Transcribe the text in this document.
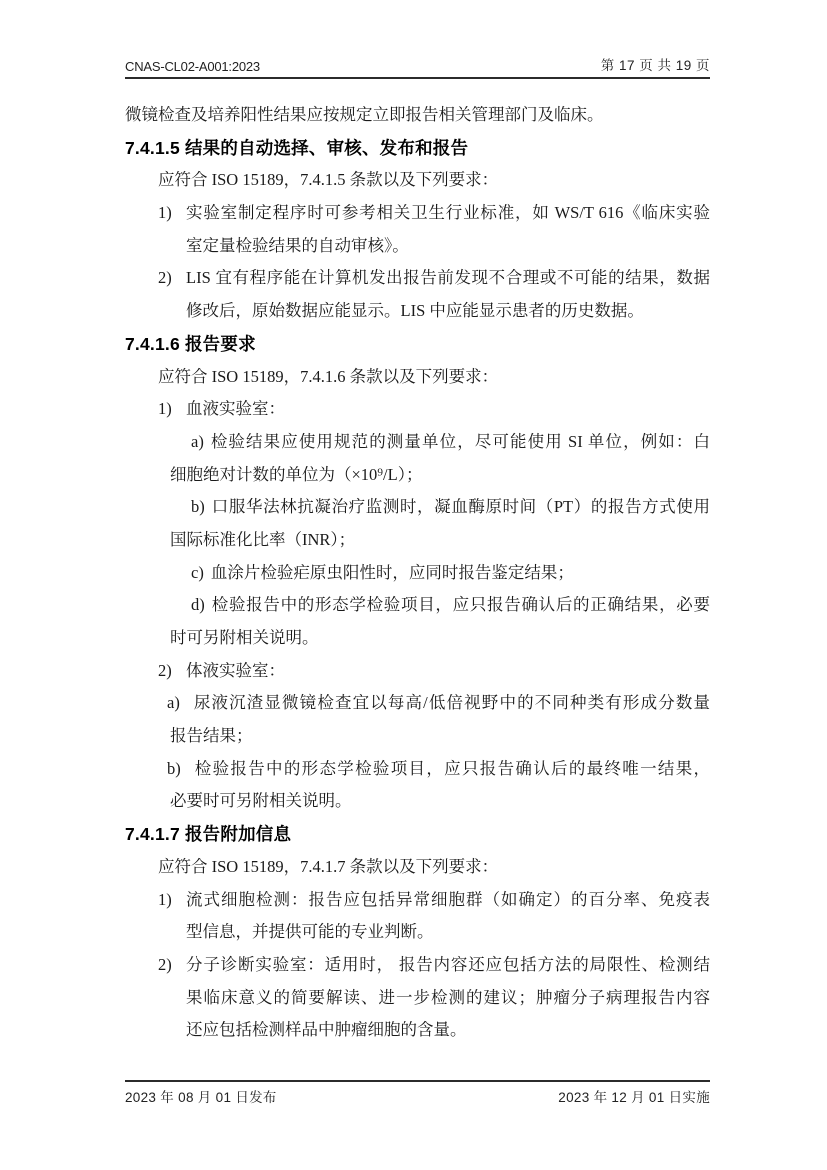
CNAS-CL02-A001:2023	第 17 页 共 19 页
微镜检查及培养阳性结果应按规定立即报告相关管理部门及临床。
7.4.1.5 结果的自动选择、审核、发布和报告
应符合 ISO 15189，7.4.1.5 条款以及下列要求：
1) 实验室制定程序时可参考相关卫生行业标准，如 WS/T 616《临床实验
室定量检验结果的自动审核》。
2) LIS 宜有程序能在计算机发出报告前发现不合理或不可能的结果，数据
修改后，原始数据应能显示。LIS 中应能显示患者的历史数据。
7.4.1.6 报告要求
应符合 ISO 15189，7.4.1.6 条款以及下列要求：
1) 血液实验室：
a) 检验结果应使用规范的测量单位，尽可能使用 SI 单位，例如：白
细胞绝对计数的单位为（×10⁹/L）；
b) 口服华法林抗凝治疗监测时，凝血酶原时间（PT）的报告方式使用
国际标准化比率（INR）；
c) 血涂片检验疟原虫阳性时，应同时报告鉴定结果；
d) 检验报告中的形态学检验项目，应只报告确认后的正确结果，必要
时可另附相关说明。
2) 体液实验室：
a) 尿液沉渣显微镜检查宜以每高/低倍视野中的不同种类有形成分数量
报告结果；
b) 检验报告中的形态学检验项目，应只报告确认后的最终唯一结果，
必要时可另附相关说明。
7.4.1.7 报告附加信息
应符合 ISO 15189，7.4.1.7 条款以及下列要求：
1) 流式细胞检测：报告应包括异常细胞群（如确定）的百分率、免疫表
型信息，并提供可能的专业判断。
2) 分子诊断实验室：适用时， 报告内容还应包括方法的局限性、检测结
果临床意义的简要解读、进一步检测的建议；肿瘤分子病理报告内容
还应包括检测样品中肿瘤细胞的含量。
2023 年 08 月 01 日发布	2023 年 12 月 01 日实施
